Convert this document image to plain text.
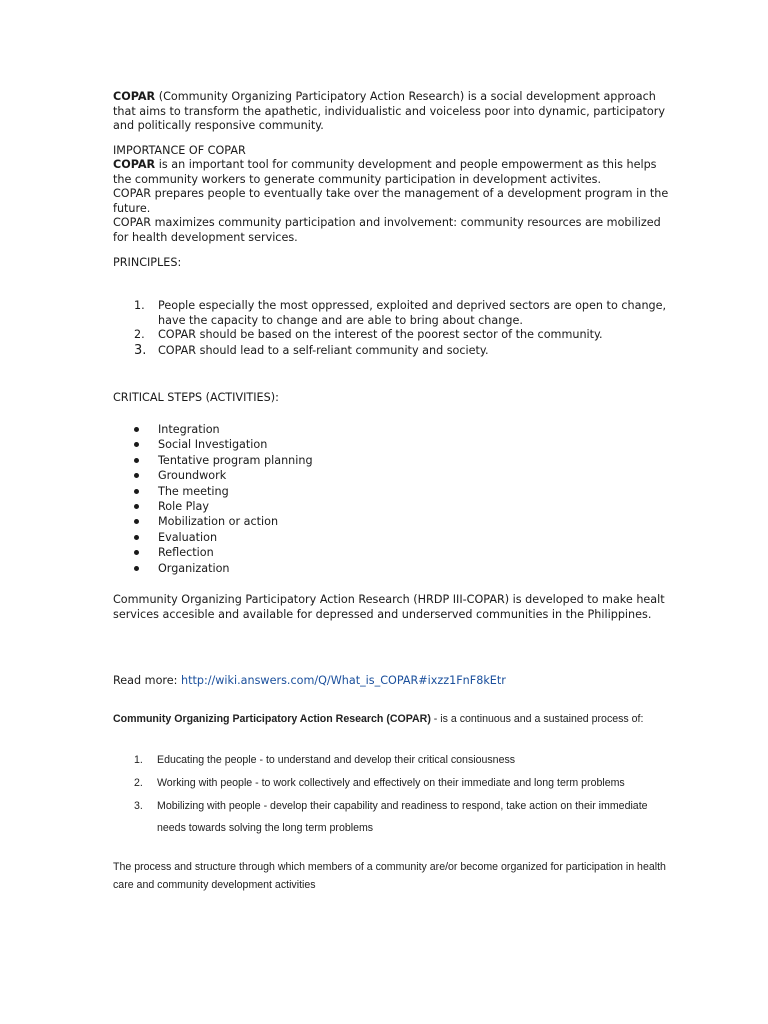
COPAR (Community Organizing Participatory Action Research) is a social development approach that aims to transform the apathetic, individualistic and voiceless poor into dynamic, participatory and politically responsive community.

IMPORTANCE OF COPAR

COPAR is an important tool for community development and people empowerment as this helps the community workers to generate community participation in development activites.
COPAR prepares people to eventually take over the management of a development program in the future.
COPAR maximizes community participation and involvement: community resources are mobilized for health development services.

PRINCIPLES:

1. People especially the most oppressed, exploited and deprived sectors are open to change, have the capacity to change and are able to bring about change.
2. COPAR should be based on the interest of the poorest sector of the community.
3. COPAR should lead to a self-reliant community and society.

CRITICAL STEPS (ACTIVITIES):

Integration
Social Investigation
Tentative program planning
Groundwork
The meeting
Role Play
Mobilization or action
Evaluation
Reflection
Organization

Community Organizing Participatory Action Research (HRDP III-COPAR) is developed to make healt services accesible and available for depressed and underserved communities in the Philippines.

Read more: http://wiki.answers.com/Q/What_is_COPAR#ixzz1FnF8kEtr

Community Organizing Participatory Action Research (COPAR) - is a continuous and a sustained process of:

1. Educating the people - to understand and develop their critical consiousness
2. Working with people - to work collectively and effectively on their immediate and long term problems
3. Mobilizing with people - develop their capability and readiness to respond, take action on their immediate needs towards solving the long term problems

The process and structure through which members of a community are/or become organized for participation in health care and community development activities
